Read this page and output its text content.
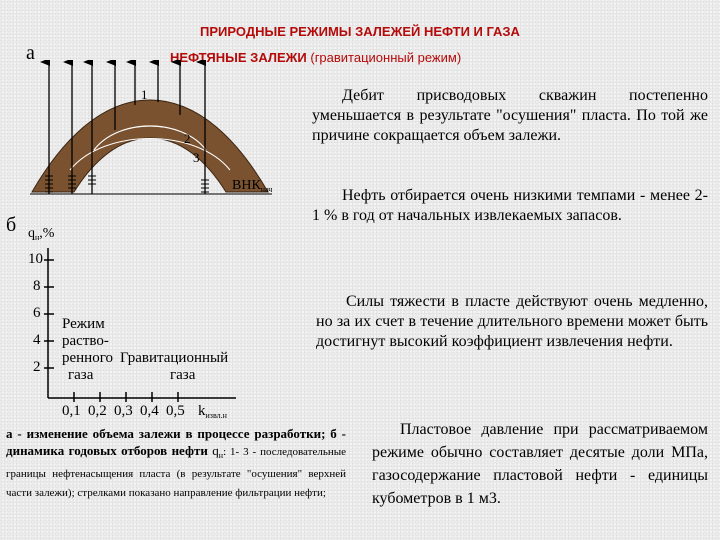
ПРИРОДНЫЕ РЕЖИМЫ ЗАЛЕЖЕЙ НЕФТИ И ГАЗА
НЕФТЯНЫЕ ЗАЛЕЖИ (гравитационный режим)
а
1
2
3
$ВНК_{нач}$
б $q_н,\%$
10
8
6
4
2
Режим
раство-
ренного
газа
Гравитационный
газа
0,1 0,2 0,3 0,4 0,5 $k_{извл.н}$
а - изменение объема залежи в процессе разработки; б - динамика годовых отборов нефти $q_н$: 1- 3 - последовательные границы нефтенасыщения пласта (в результате "осушения" верхней части залежи); стрелками показано направление фильтрации нефти;
Дебит присводовых скважин постепенно уменьшается в результате "осушения" пласта. По той же причине сокращается объем залежи.
Нефть отбирается очень низкими темпами - менее 2-1 % в год от начальных извлекаемых запасов.
Силы тяжести в пласте действуют очень медленно, но за их счет в течение длительного времени может быть достигнут высокий коэффициент извлечения нефти.
Пластовое давление при рассматриваемом режиме обычно составляет десятые доли МПа, газосодержание пластовой нефти - единицы кубометров в 1 м3.
